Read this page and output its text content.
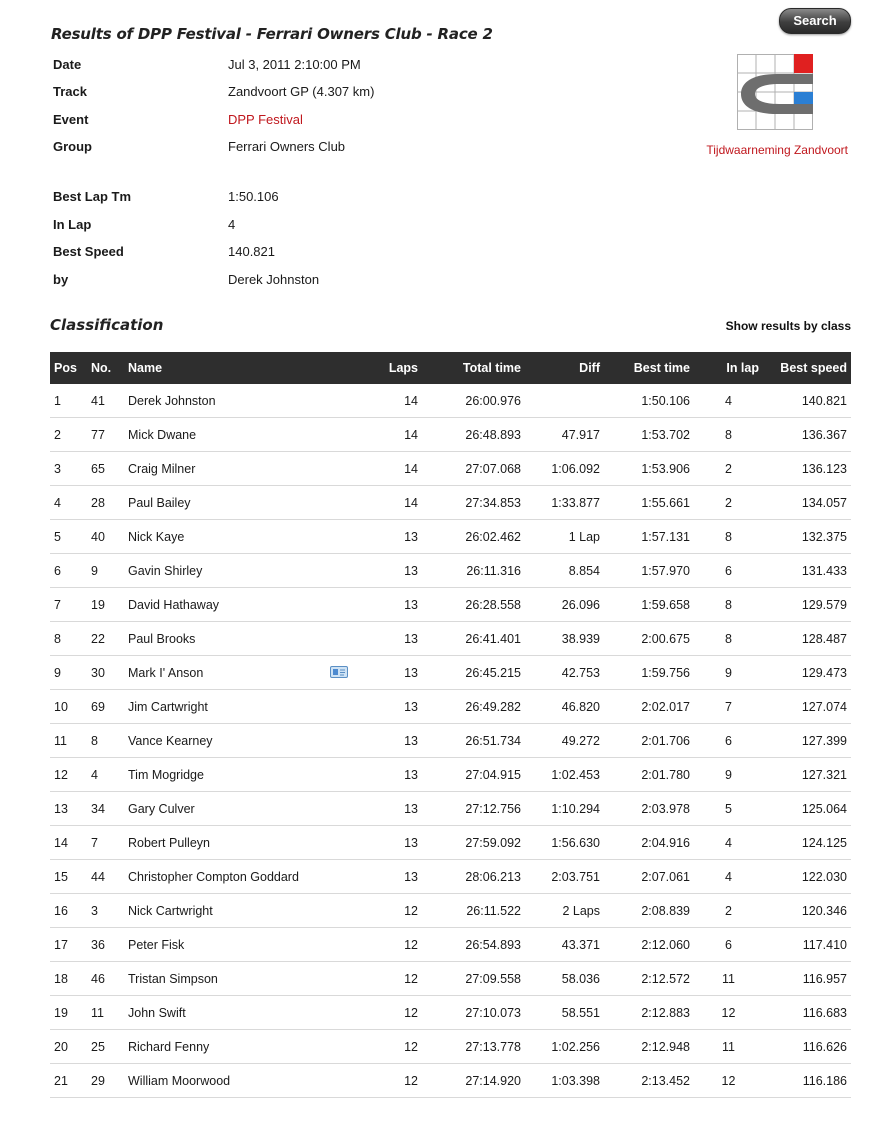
Results of DPP Festival - Ferrari Owners Club - Race 2
Search
Date	Jul 3, 2011 2:10:00 PM
Track	Zandvoort GP (4.307 km)
Event	DPP Festival
Group	Ferrari Owners Club
Best Lap Tm	1:50.106
In Lap	4
Best Speed	140.821
by	Derek Johnston
Tijdwaarneming Zandvoort
Classification	Show results by class
Pos	No.	Name	Laps	Total time	Diff	Best time	In lap	Best speed
1	41	Derek Johnston	14	26:00.976		1:50.106	4	140.821
2	77	Mick Dwane	14	26:48.893	47.917	1:53.702	8	136.367
3	65	Craig Milner	14	27:07.068	1:06.092	1:53.906	2	136.123
4	28	Paul Bailey	14	27:34.853	1:33.877	1:55.661	2	134.057
5	40	Nick Kaye	13	26:02.462	1 Lap	1:57.131	8	132.375
6	9	Gavin Shirley	13	26:11.316	8.854	1:57.970	6	131.433
7	19	David Hathaway	13	26:28.558	26.096	1:59.658	8	129.579
8	22	Paul Brooks	13	26:41.401	38.939	2:00.675	8	128.487
9	30	Mark I' Anson	13	26:45.215	42.753	1:59.756	9	129.473
10	69	Jim Cartwright	13	26:49.282	46.820	2:02.017	7	127.074
11	8	Vance Kearney	13	26:51.734	49.272	2:01.706	6	127.399
12	4	Tim Mogridge	13	27:04.915	1:02.453	2:01.780	9	127.321
13	34	Gary Culver	13	27:12.756	1:10.294	2:03.978	5	125.064
14	7	Robert Pulleyn	13	27:59.092	1:56.630	2:04.916	4	124.125
15	44	Christopher Compton Goddard	13	28:06.213	2:03.751	2:07.061	4	122.030
16	3	Nick Cartwright	12	26:11.522	2 Laps	2:08.839	2	120.346
17	36	Peter Fisk	12	26:54.893	43.371	2:12.060	6	117.410
18	46	Tristan Simpson	12	27:09.558	58.036	2:12.572	11	116.957
19	11	John Swift	12	27:10.073	58.551	2:12.883	12	116.683
20	25	Richard Fenny	12	27:13.778	1:02.256	2:12.948	11	116.626
21	29	William Moorwood	12	27:14.920	1:03.398	2:13.452	12	116.186
